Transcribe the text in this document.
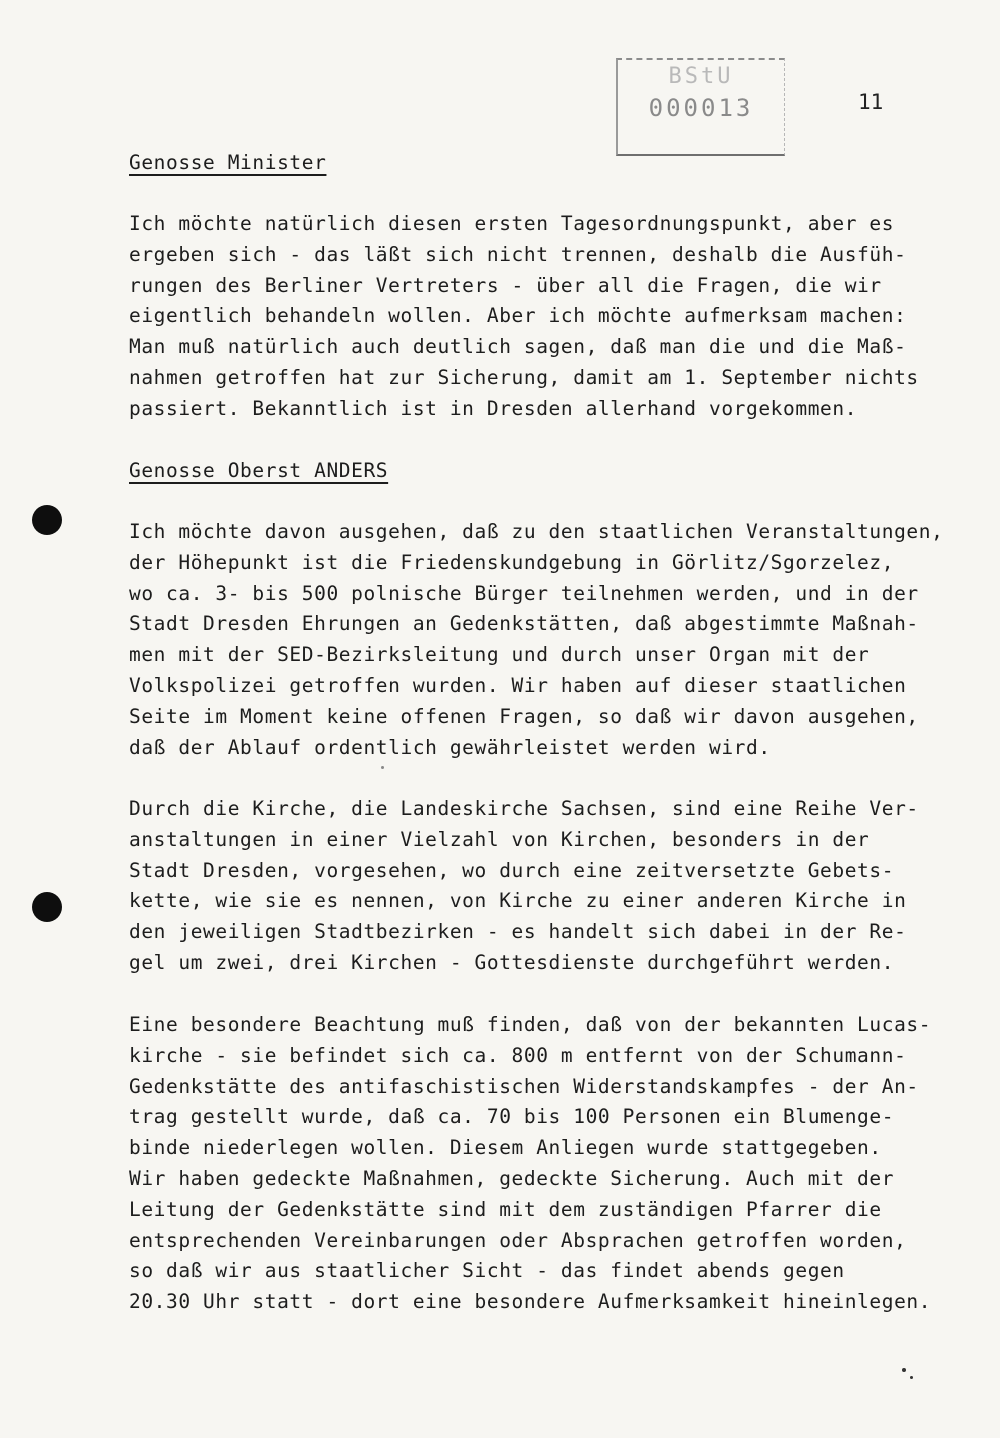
BStU
000013	11
Genosse Minister
Ich möchte natürlich diesen ersten Tagesordnungspunkt, aber es
ergeben sich - das läßt sich nicht trennen, deshalb die Ausfüh-
rungen des Berliner Vertreters - über all die Fragen, die wir
eigentlich behandeln wollen. Aber ich möchte aufmerksam machen:
Man muß natürlich auch deutlich sagen, daß man die und die Maß-
nahmen getroffen hat zur Sicherung, damit am 1. September nichts
passiert. Bekanntlich ist in Dresden allerhand vorgekommen.
Genosse Oberst ANDERS
Ich möchte davon ausgehen, daß zu den staatlichen Veranstaltungen,
der Höhepunkt ist die Friedenskundgebung in Görlitz/Sgorzelez,
wo ca. 3- bis 500 polnische Bürger teilnehmen werden, und in der
Stadt Dresden Ehrungen an Gedenkstätten, daß abgestimmte Maßnah-
men mit der SED-Bezirksleitung und durch unser Organ mit der
Volkspolizei getroffen wurden. Wir haben auf dieser staatlichen
Seite im Moment keine offenen Fragen, so daß wir davon ausgehen,
daß der Ablauf ordentlich gewährleistet werden wird.
Durch die Kirche, die Landeskirche Sachsen, sind eine Reihe Ver-
anstaltungen in einer Vielzahl von Kirchen, besonders in der
Stadt Dresden, vorgesehen, wo durch eine zeitversetzte Gebets-
kette, wie sie es nennen, von Kirche zu einer anderen Kirche in
den jeweiligen Stadtbezirken - es handelt sich dabei in der Re-
gel um zwei, drei Kirchen - Gottesdienste durchgeführt werden.
Eine besondere Beachtung muß finden, daß von der bekannten Lucas-
kirche - sie befindet sich ca. 800 m entfernt von der Schumann-
Gedenkstätte des antifaschistischen Widerstandskampfes - der An-
trag gestellt wurde, daß ca. 70 bis 100 Personen ein Blumenge-
binde niederlegen wollen. Diesem Anliegen wurde stattgegeben.
Wir haben gedeckte Maßnahmen, gedeckte Sicherung. Auch mit der
Leitung der Gedenkstätte sind mit dem zuständigen Pfarrer die
entsprechenden Vereinbarungen oder Absprachen getroffen worden,
so daß wir aus staatlicher Sicht - das findet abends gegen
20.30 Uhr statt - dort eine besondere Aufmerksamkeit hineinlegen.
